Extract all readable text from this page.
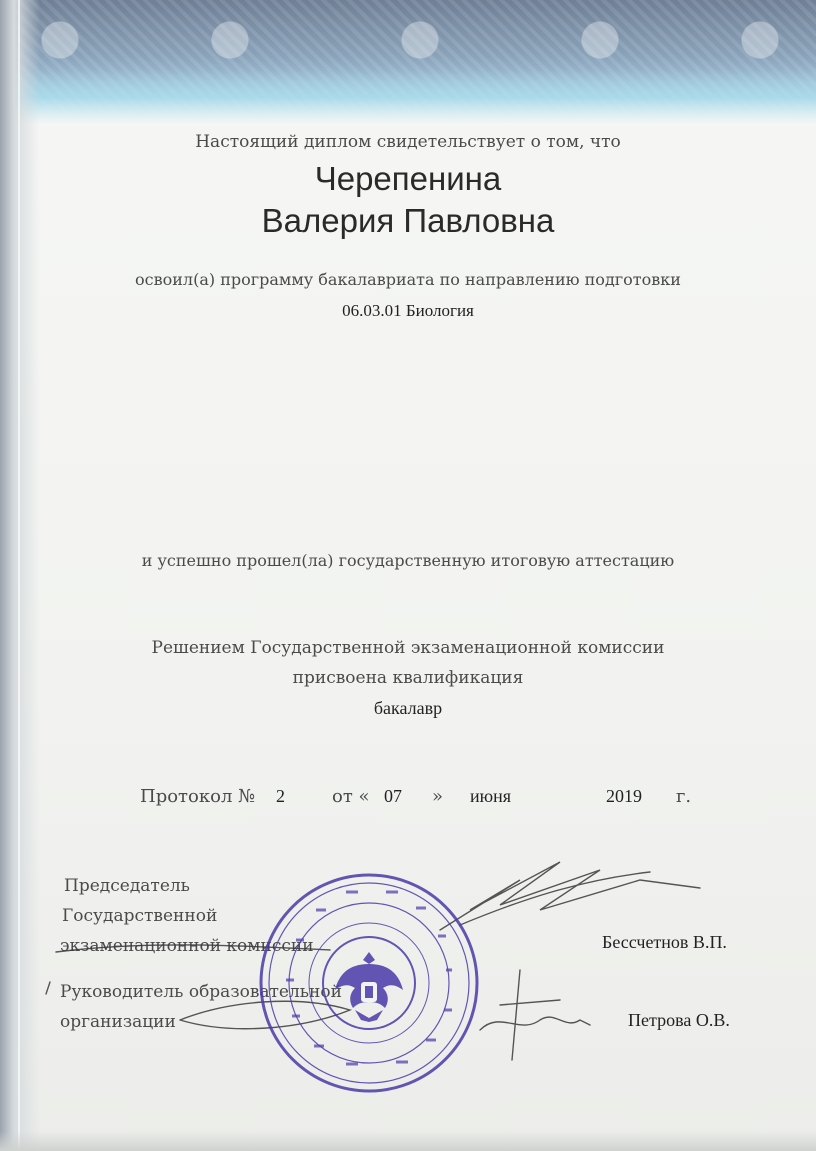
Настоящий диплом свидетельствует о том, что
Черепенина
Валерия Павловна
освоил(а) программу бакалавриата по направлению подготовки
06.03.01 Биология
и успешно прошел(ла) государственную итоговую аттестацию
Решением Государственной экзаменационной комиссии
присвоена квалификация
бакалавр
Протокол № 2	от « 07 » июня	2019 г.
Председатель
Государственной
экзаменационной комиссии	Бессчетнов В.П.
Руководитель образовательной
организации	Петрова О.В.
